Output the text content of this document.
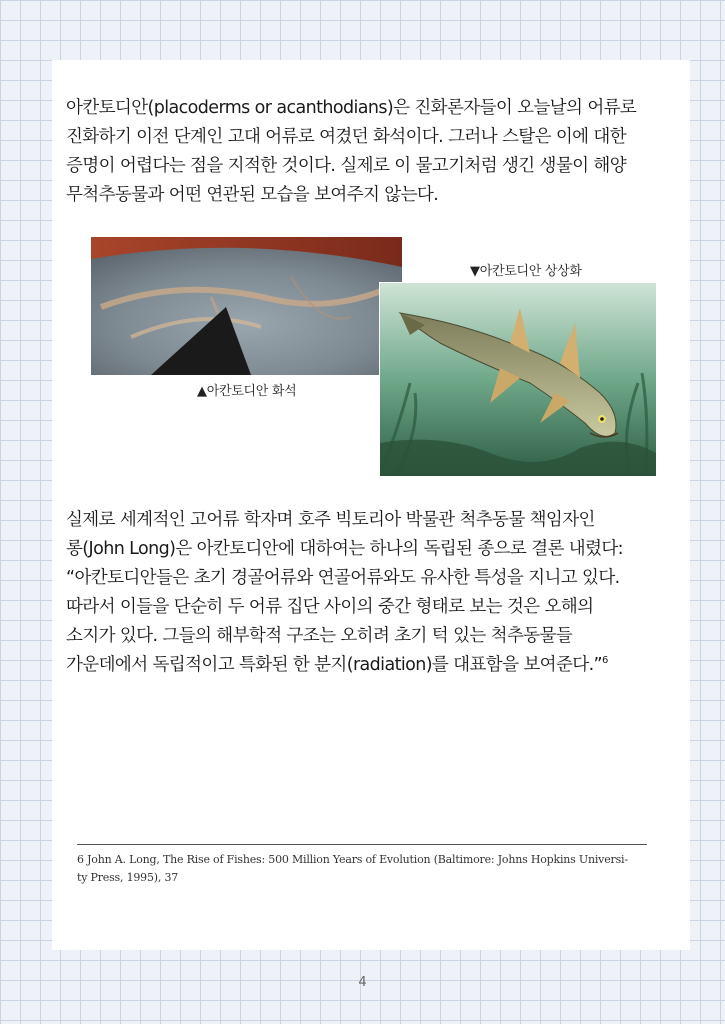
아칸토디안(placoderms or acanthodians)은 진화론자들이 오늘날의 어류로
진화하기 이전 단계인 고대 어류로 여겼던 화석이다. 그러나 스탈은 이에 대한
증명이 어렵다는 점을 지적한 것이다. 실제로 이 물고기처럼 생긴 생물이 해양
무척추동물과 어떤 연관된 모습을 보여주지 않는다.

▲아칸토디안 화석

▼아칸토디안 상상화

실제로 세계적인 고어류 학자며 호주 빅토리아 박물관 척추동물 책임자인
롱(John Long)은 아칸토디안에 대하여는 하나의 독립된 종으로 결론 내렸다:
“아칸토디안들은 초기 경골어류와 연골어류와도 유사한 특성을 지니고 있다.
따라서 이들을 단순히 두 어류 집단 사이의 중간 형태로 보는 것은 오해의
소지가 있다. 그들의 해부학적 구조는 오히려 초기 턱 있는 척추동물들
가운데에서 독립적이고 특화된 한 분지(radiation)를 대표함을 보여준다.”$^6$

6 John A. Long, The Rise of Fishes: 500 Million Years of Evolution (Baltimore: Johns Hopkins Universi-
ty Press, 1995), 37

4
